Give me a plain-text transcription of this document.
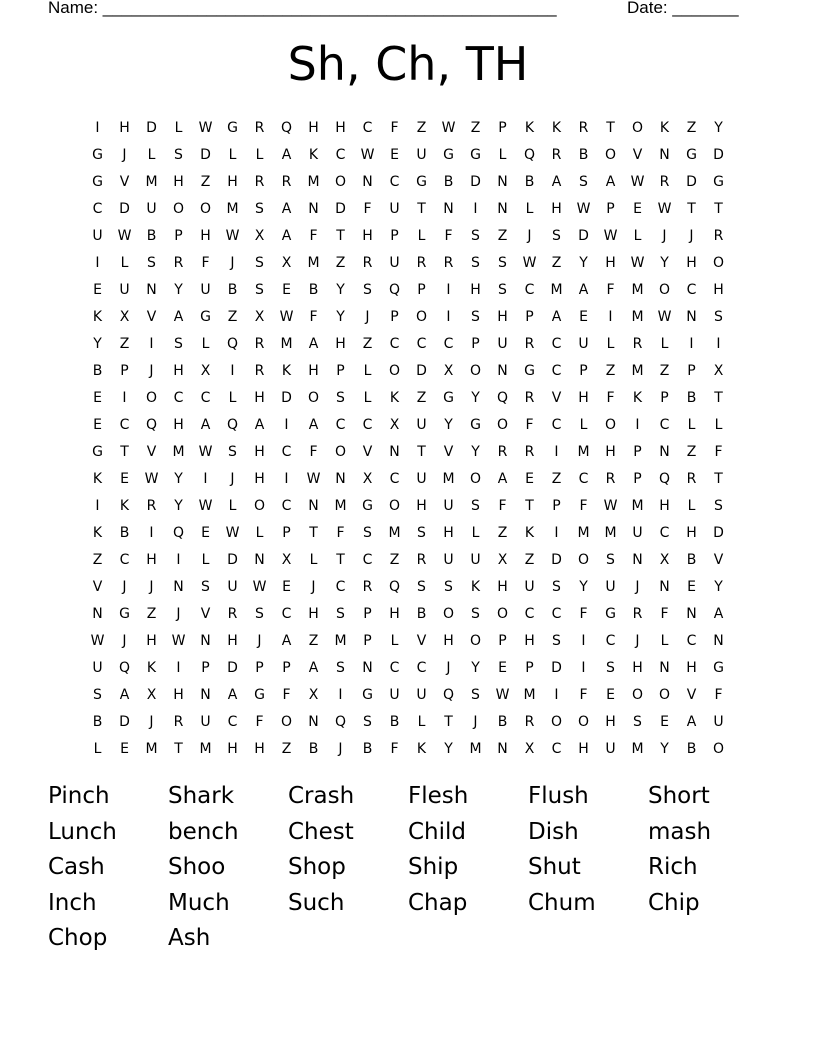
Name: ________________________________________________	Date: _______
Sh, Ch, TH
I	H	D	L	W	G	R	Q	H	H	C	F	Z	W	Z	P	K	K	R	T	O	K	Z	Y
G	J	L	S	D	L	L	A	K	C	W	E	U	G	G	L	Q	R	B	O	V	N	G	D
G	V	M	H	Z	H	R	R	M	O	N	C	G	B	D	N	B	A	S	A	W	R	D	G
C	D	U	O	O	M	S	A	N	D	F	U	T	N	I	N	L	H	W	P	E	W	T	T
U	W	B	P	H	W	X	A	F	T	H	P	L	F	S	Z	J	S	D	W	L	J	J	R
I	L	S	R	F	J	S	X	M	Z	R	U	R	R	S	S	W	Z	Y	H	W	Y	H	O
E	U	N	Y	U	B	S	E	B	Y	S	Q	P	I	H	S	C	M	A	F	M	O	C	H
K	X	V	A	G	Z	X	W	F	Y	J	P	O	I	S	H	P	A	E	I	M	W	N	S
Y	Z	I	S	L	Q	R	M	A	H	Z	C	C	C	P	U	R	C	U	L	R	L	I	I
B	P	J	H	X	I	R	K	H	P	L	O	D	X	O	N	G	C	P	Z	M	Z	P	X
E	I	O	C	C	L	H	D	O	S	L	K	Z	G	Y	Q	R	V	H	F	K	P	B	T
E	C	Q	H	A	Q	A	I	A	C	C	X	U	Y	G	O	F	C	L	O	I	C	L	L
G	T	V	M	W	S	H	C	F	O	V	N	T	V	Y	R	R	I	M	H	P	N	Z	F
K	E	W	Y	I	J	H	I	W	N	X	C	U	M	O	A	E	Z	C	R	P	Q	R	T
I	K	R	Y	W	L	O	C	N	M	G	O	H	U	S	F	T	P	F	W	M	H	L	S
K	B	I	Q	E	W	L	P	T	F	S	M	S	H	L	Z	K	I	M	M	U	C	H	D
Z	C	H	I	L	D	N	X	L	T	C	Z	R	U	U	X	Z	D	O	S	N	X	B	V
V	J	J	N	S	U	W	E	J	C	R	Q	S	S	K	H	U	S	Y	U	J	N	E	Y
N	G	Z	J	V	R	S	C	H	S	P	H	B	O	S	O	C	C	F	G	R	F	N	A
W	J	H	W	N	H	J	A	Z	M	P	L	V	H	O	P	H	S	I	C	J	L	C	N
U	Q	K	I	P	D	P	P	A	S	N	C	C	J	Y	E	P	D	I	S	H	N	H	G
S	A	X	H	N	A	G	F	X	I	G	U	U	Q	S	W	M	I	F	E	O	O	V	F
B	D	J	R	U	C	F	O	N	Q	S	B	L	T	J	B	R	O	O	H	S	E	A	U
L	E	M	T	M	H	H	Z	B	J	B	F	K	Y	M	N	X	C	H	U	M	Y	B	O
Pinch	Shark	Crash	Flesh	Flush	Short
Lunch	bench	Chest	Child	Dish	mash
Cash	Shoo	Shop	Ship	Shut	Rich
Inch	Much	Such	Chap	Chum	Chip
Chop	Ash
